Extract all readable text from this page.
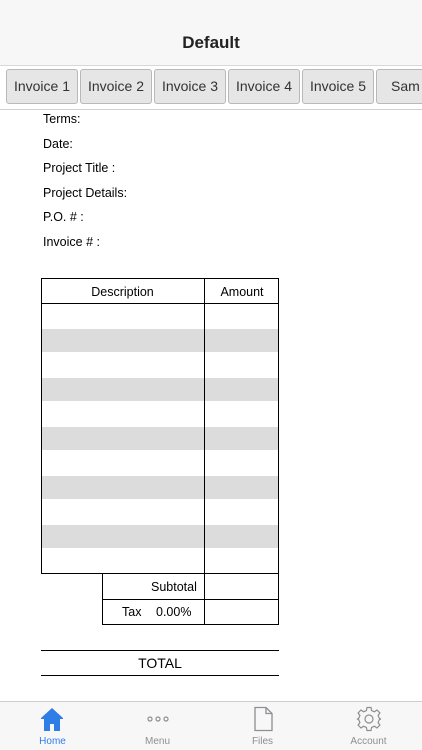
Default
Invoice 1	Invoice 2	Invoice 3	Invoice 4	Invoice 5	Sam
Terms:
Date:
Project Title :
Project Details:
P.O. # :
Invoice # :
Description	Amount
Subtotal
Tax 0.00%
TOTAL
Home	Menu	Files	Account
